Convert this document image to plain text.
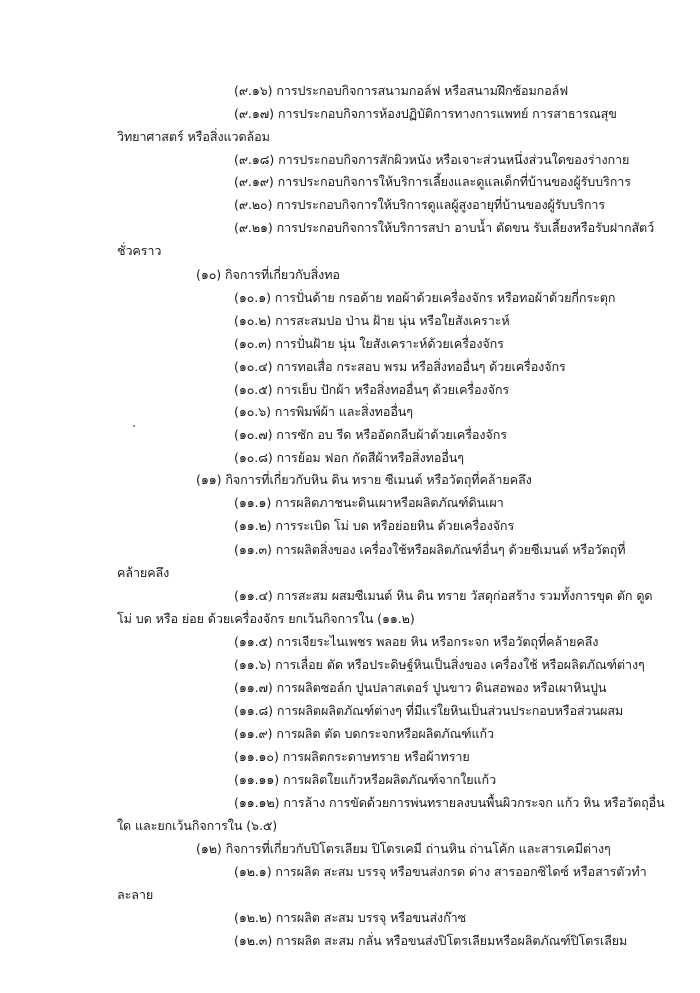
(๙.๑๖) การประกอบกิจการสนามกอล์ฟ หรือสนามฝึกซ้อมกอล์ฟ
(๙.๑๗) การประกอบกิจการห้องปฏิบัติการทางการแพทย์ การสาธารณสุข
วิทยาศาสตร์ หรือสิ่งแวดล้อม
(๙.๑๘) การประกอบกิจการสักผิวหนัง หรือเจาะส่วนหนึ่งส่วนใดของร่างกาย
(๙.๑๙) การประกอบกิจการให้บริการเลี้ยงและดูแลเด็กที่บ้านของผู้รับบริการ
(๙.๒๐) การประกอบกิจการให้บริการดูแลผู้สูงอายุที่บ้านของผู้รับบริการ
(๙.๒๑) การประกอบกิจการให้บริการสปา อาบน้ำ ตัดขน รับเลี้ยงหรือรับฝากสัตว์
ชั่วคราว
(๑๐) กิจการที่เกี่ยวกับสิ่งทอ
(๑๐.๑) การปั่นด้าย กรอด้าย ทอผ้าด้วยเครื่องจักร หรือทอผ้าด้วยกี่กระตุก
(๑๐.๒) การสะสมปอ ป่าน ฝ้าย นุ่น หรือใยสังเคราะห์
(๑๐.๓) การปั่นฝ้าย นุ่น ใยสังเคราะห์ด้วยเครื่องจักร
(๑๐.๔) การทอเสื่อ กระสอบ พรม หรือสิ่งทออื่นๆ ด้วยเครื่องจักร
(๑๐.๕) การเย็บ ปักผ้า หรือสิ่งทออื่นๆ ด้วยเครื่องจักร
(๑๐.๖) การพิมพ์ผ้า และสิ่งทออื่นๆ
(๑๐.๗) การซัก อบ รีด หรืออัดกลีบผ้าด้วยเครื่องจักร
(๑๐.๘) การย้อม ฟอก กัดสีผ้าหรือสิ่งทออื่นๆ
(๑๑) กิจการที่เกี่ยวกับหิน ดิน ทราย ซีเมนต์ หรือวัตถุที่คล้ายคลึง
(๑๑.๑) การผลิตภาชนะดินเผาหรือผลิตภัณฑ์ดินเผา
(๑๑.๒) การระเบิด โม่ บด หรือย่อยหิน ด้วยเครื่องจักร
(๑๑.๓) การผลิตสิ่งของ เครื่องใช้หรือผลิตภัณฑ์อื่นๆ ด้วยซีเมนต์ หรือวัตถุที่
คล้ายคลึง
(๑๑.๔) การสะสม ผสมซีเมนต์ หิน ดิน ทราย วัสดุก่อสร้าง รวมทั้งการขุด ตัก ดูด
โม่ บด หรือ ย่อย ด้วยเครื่องจักร ยกเว้นกิจการใน (๑๑.๒)
(๑๑.๕) การเจียระไนเพชร พลอย หิน หรือกระจก หรือวัตถุที่คล้ายคลึง
(๑๑.๖) การเลื่อย ตัด หรือประดิษฐ์หินเป็นสิ่งของ เครื่องใช้ หรือผลิตภัณฑ์ต่างๆ
(๑๑.๗) การผลิตซอล์ก ปูนปลาสเตอร์ ปูนขาว ดินสอพอง หรือเผาหินปูน
(๑๑.๘) การผลิตผลิตภัณฑ์ต่างๆ ที่มีแร่ใยหินเป็นส่วนประกอบหรือส่วนผสม
(๑๑.๙) การผลิต ตัด บดกระจกหรือผลิตภัณฑ์แก้ว
(๑๑.๑๐) การผลิตกระดาษทราย หรือผ้าทราย
(๑๑.๑๑) การผลิตใยแก้วหรือผลิตภัณฑ์จากใยแก้ว
(๑๑.๑๒) การล้าง การขัดด้วยการพ่นทรายลงบนพื้นผิวกระจก แก้ว หิน หรือวัตถุอื่น
ใด และยกเว้นกิจการใน (๖.๕)
(๑๒) กิจการที่เกี่ยวกับปิโตรเลียม ปิโตรเคมี ถ่านหิน ถ่านโค้ก และสารเคมีต่างๆ
(๑๒.๑) การผลิต สะสม บรรจุ หรือขนส่งกรด ด่าง สารออกซิไดซ์ หรือสารตัวทำ
ละลาย
(๑๒.๒) การผลิต สะสม บรรจุ หรือขนส่งก๊าซ
(๑๒.๓) การผลิต สะสม กลั่น หรือขนส่งปิโตรเลียมหรือผลิตภัณฑ์ปิโตรเลียม
